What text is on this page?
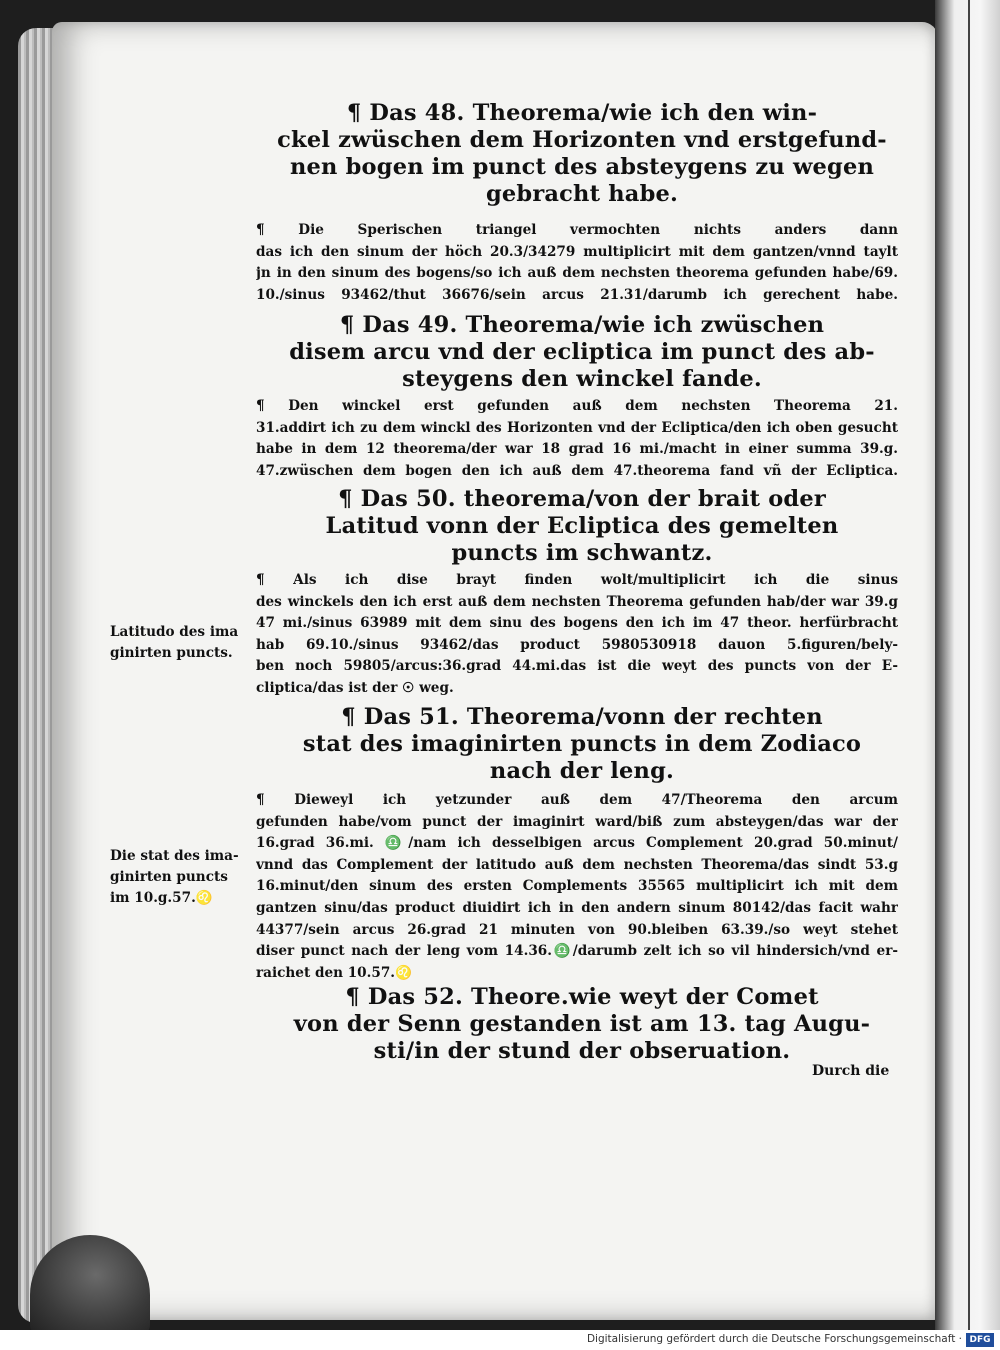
¶ Das 48. Theorema/wie ich den win-
ckel zwüschen dem Horizonten vnd erstgefund-
nen bogen im punct des absteygens zu wegen
gebracht habe.
¶ Die Sperischen triangel vermochten nichts anders dann
das ich den sinum der höch 20.3/34279 multiplicirt mit dem gantzen/vnnd taylt
jn in den sinum des bogens/so ich auß dem nechsten theorema gefunden habe/69.
10./sinus 93462/thut 36676/sein arcus 21.31/darumb ich gerechent habe.
¶ Das 49. Theorema/wie ich zwüschen
disem arcu vnd der ecliptica im punct des ab-
steygens den winckel fande.
¶ Den winckel erst gefunden auß dem nechsten Theorema 21.
31.addirt ich zu dem winckl des Horizonten vnd der Ecliptica/den ich oben gesucht
habe in dem 12 theorema/der war 18 grad 16 mi./macht in einer summa 39.g.
47.zwüschen dem bogen den ich auß dem 47.theorema fand vñ der Ecliptica.
¶ Das 50. theorema/von der brait oder
Latitud vonn der Ecliptica des gemelten
puncts im schwantz.
¶ Als ich dise brayt finden wolt/multiplicirt ich die sinus
des winckels den ich erst auß dem nechsten Theorema gefunden hab/der war 39.g
47 mi./sinus 63989 mit dem sinu des bogens den ich im 47 theor. herfürbracht
hab 69.10./sinus 93462/das product 5980530918 dauon 5.figuren/bely-
ben noch 59805/arcus:36.grad 44.mi.das ist die weyt des puncts von der E-
cliptica/das ist der ☉ weg.
Latitudo des ima
ginirten puncts.
¶ Das 51. Theorema/vonn der rechten
stat des imaginirten puncts in dem Zodiaco
nach der leng.
¶ Dieweyl ich yetzunder auß dem 47/Theorema den arcum
gefunden habe/vom punct der imaginirt ward/biß zum absteygen/das war der
16.grad 36.mi. ♎/nam ich desselbigen arcus Complement 20.grad 50.minut/
vnnd das Complement der latitudo auß dem nechsten Theorema/das sindt 53.g
16.minut/den sinum des ersten Complements 35565 multiplicirt ich mit dem
gantzen sinu/das product diuidirt ich in den andern sinum 80142/das facit wahr
44377/sein arcus 26.grad 21 minuten von 90.bleiben 63.39./so weyt stehet
diser punct nach der leng vom 14.36.♎/darumb zelt ich so vil hindersich/vnd er-
raichet den 10.57.♌
Die stat des ima-
ginirten puncts
im 10.g.57.♌
¶ Das 52. Theore.wie weyt der Comet
von der Senn gestanden ist am 13. tag Augu-
sti/in der stund der obseruation.
Durch die
Digitalisierung gefördert durch die Deutsche Forschungsgemeinschaft · DFG
